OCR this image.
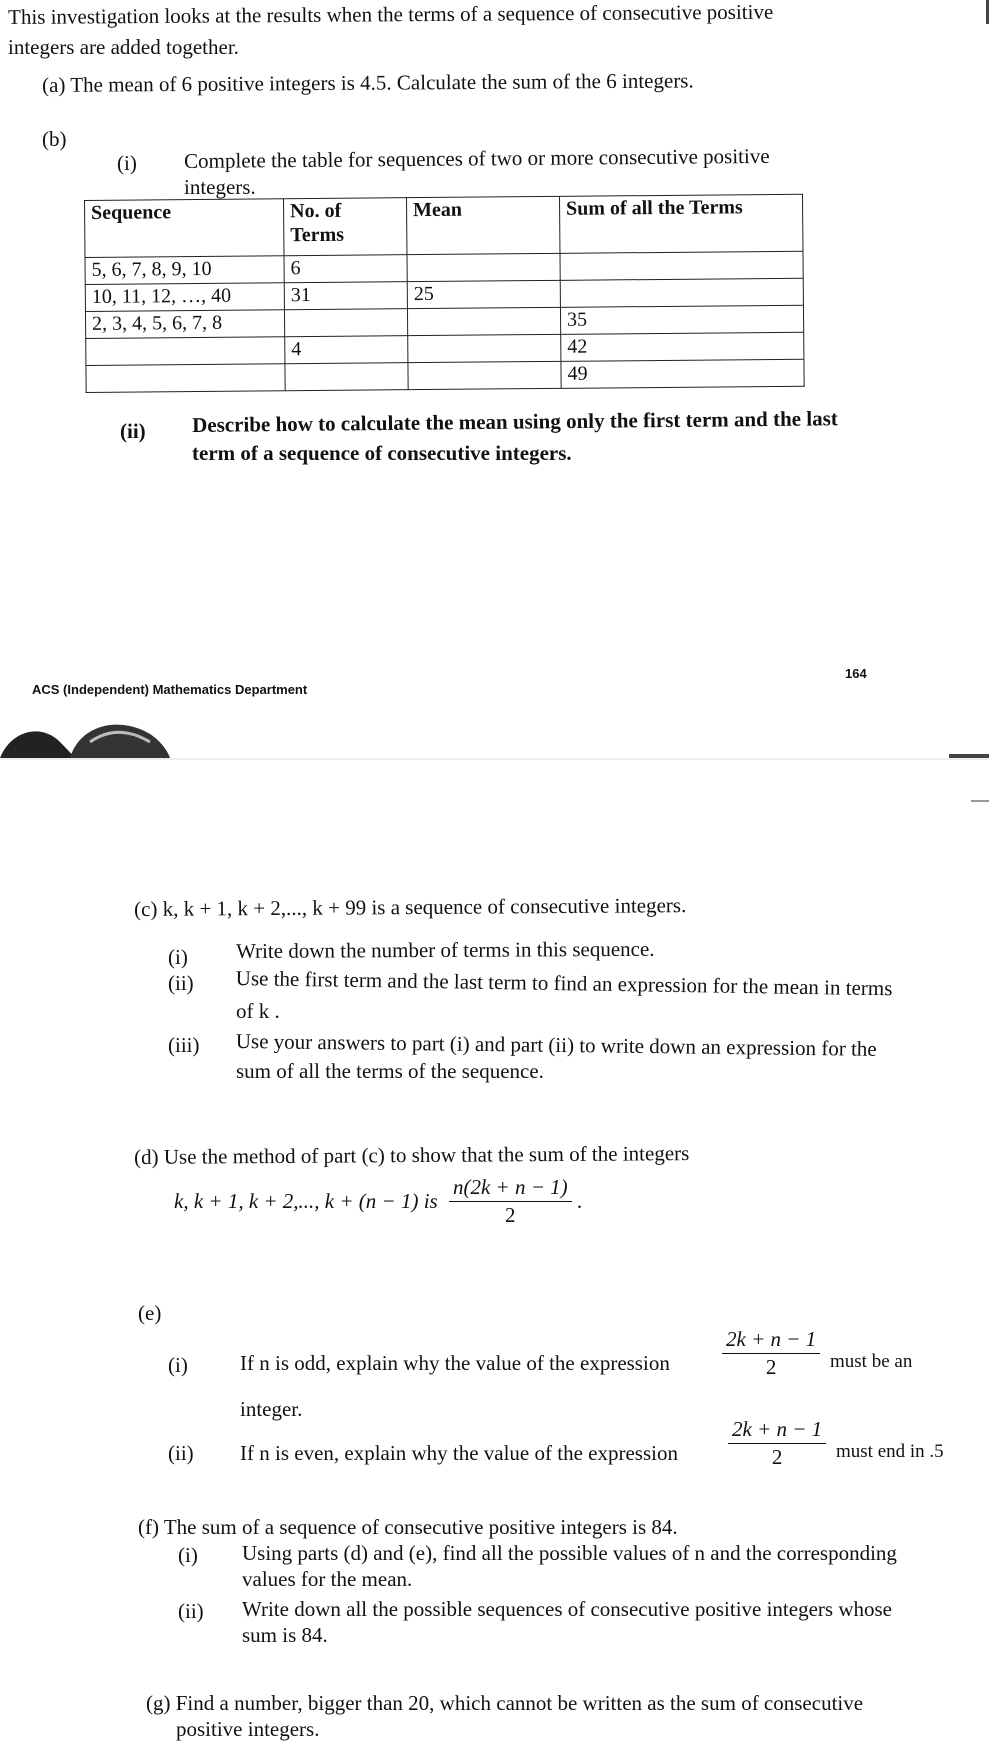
This investigation looks at the results when the terms of a sequence of consecutive positive
integers are added together.
(a) The mean of 6 positive integers is 4.5. Calculate the sum of the 6 integers.
(b)
(i) Complete the table for sequences of two or more consecutive positive
integers.
Sequence	No. of Terms	Mean	Sum of all the Terms
5, 6, 7, 8, 9, 10	6		
10, 11, 12, …, 40	31	25	
2, 3, 4, 5, 6, 7, 8			35
	4		42
			49
(ii) Describe how to calculate the mean using only the first term and the last
term of a sequence of consecutive integers.
ACS (Independent) Mathematics Department
164
(c) k, k + 1, k + 2,..., k + 99 is a sequence of consecutive integers.
(i) Write down the number of terms in this sequence.
(ii) Use the first term and the last term to find an expression for the mean in terms
of k .
(iii) Use your answers to part (i) and part (ii) to write down an expression for the
sum of all the terms of the sequence.
(d) Use the method of part (c) to show that the sum of the integers
k, k + 1, k + 2,..., k + (n − 1) is $\frac{n(2k + n - 1)}{2}$ .
(e)
(i) If n is odd, explain why the value of the expression $\frac{2k + n - 1}{2}$ must be an
integer.
(ii) If n is even, explain why the value of the expression $\frac{2k + n - 1}{2}$ must end in .5
(f) The sum of a sequence of consecutive positive integers is 84.
(i) Using parts (d) and (e), find all the possible values of n and the corresponding
values for the mean.
(ii) Write down all the possible sequences of consecutive positive integers whose
sum is 84.
(g) Find a number, bigger than 20, which cannot be written as the sum of consecutive
positive integers.
